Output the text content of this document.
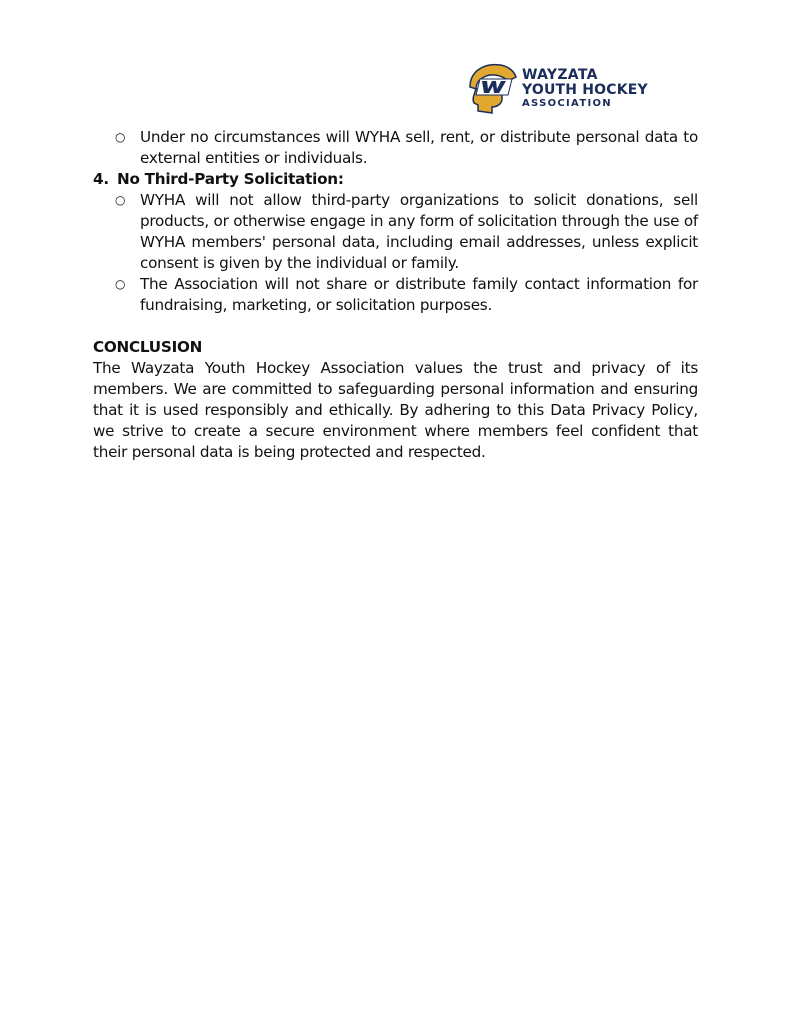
WAYZATA
YOUTH HOCKEY
ASSOCIATION
○ Under no circumstances will WYHA sell, rent, or distribute personal data to external entities or individuals.
4. No Third-Party Solicitation:
○ WYHA will not allow third-party organizations to solicit donations, sell products, or otherwise engage in any form of solicitation through the use of WYHA members' personal data, including email addresses, unless explicit consent is given by the individual or family.
○ The Association will not share or distribute family contact information for fundraising, marketing, or solicitation purposes.
CONCLUSION
The Wayzata Youth Hockey Association values the trust and privacy of its members. We are committed to safeguarding personal information and ensuring that it is used responsibly and ethically. By adhering to this Data Privacy Policy, we strive to create a secure environment where members feel confident that their personal data is being protected and respected.
